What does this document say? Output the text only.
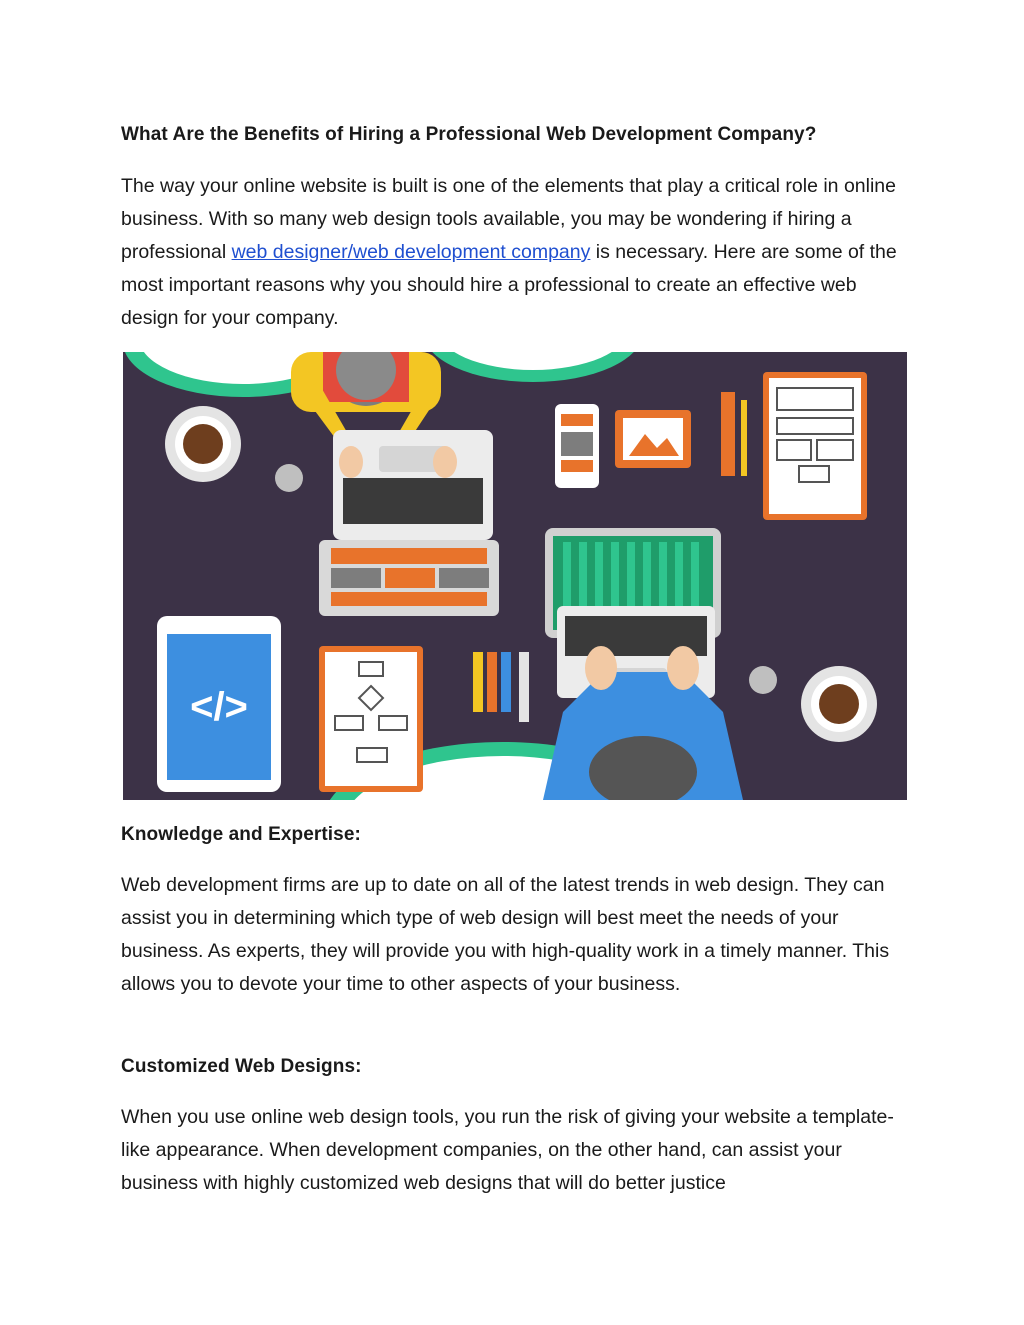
What Are the Benefits of Hiring a Professional Web Development Company?

The way your online website is built is one of the elements that play a critical role in online business. With so many web design tools available, you may be wondering if hiring a professional web designer/web development company is necessary. Here are some of the most important reasons why you should hire a professional to create an effective web design for your company.

</>
Knowledge and Expertise:

Web development firms are up to date on all of the latest trends in web design. They can assist you in determining which type of web design will best meet the needs of your business. As experts, they will provide you with high-quality work in a timely manner. This allows you to devote your time to other aspects of your business.

Customized Web Designs:

When you use online web design tools, you run the risk of giving your website a template-like appearance. When development companies, on the other hand, can assist your business with highly customized web designs that will do better justice
